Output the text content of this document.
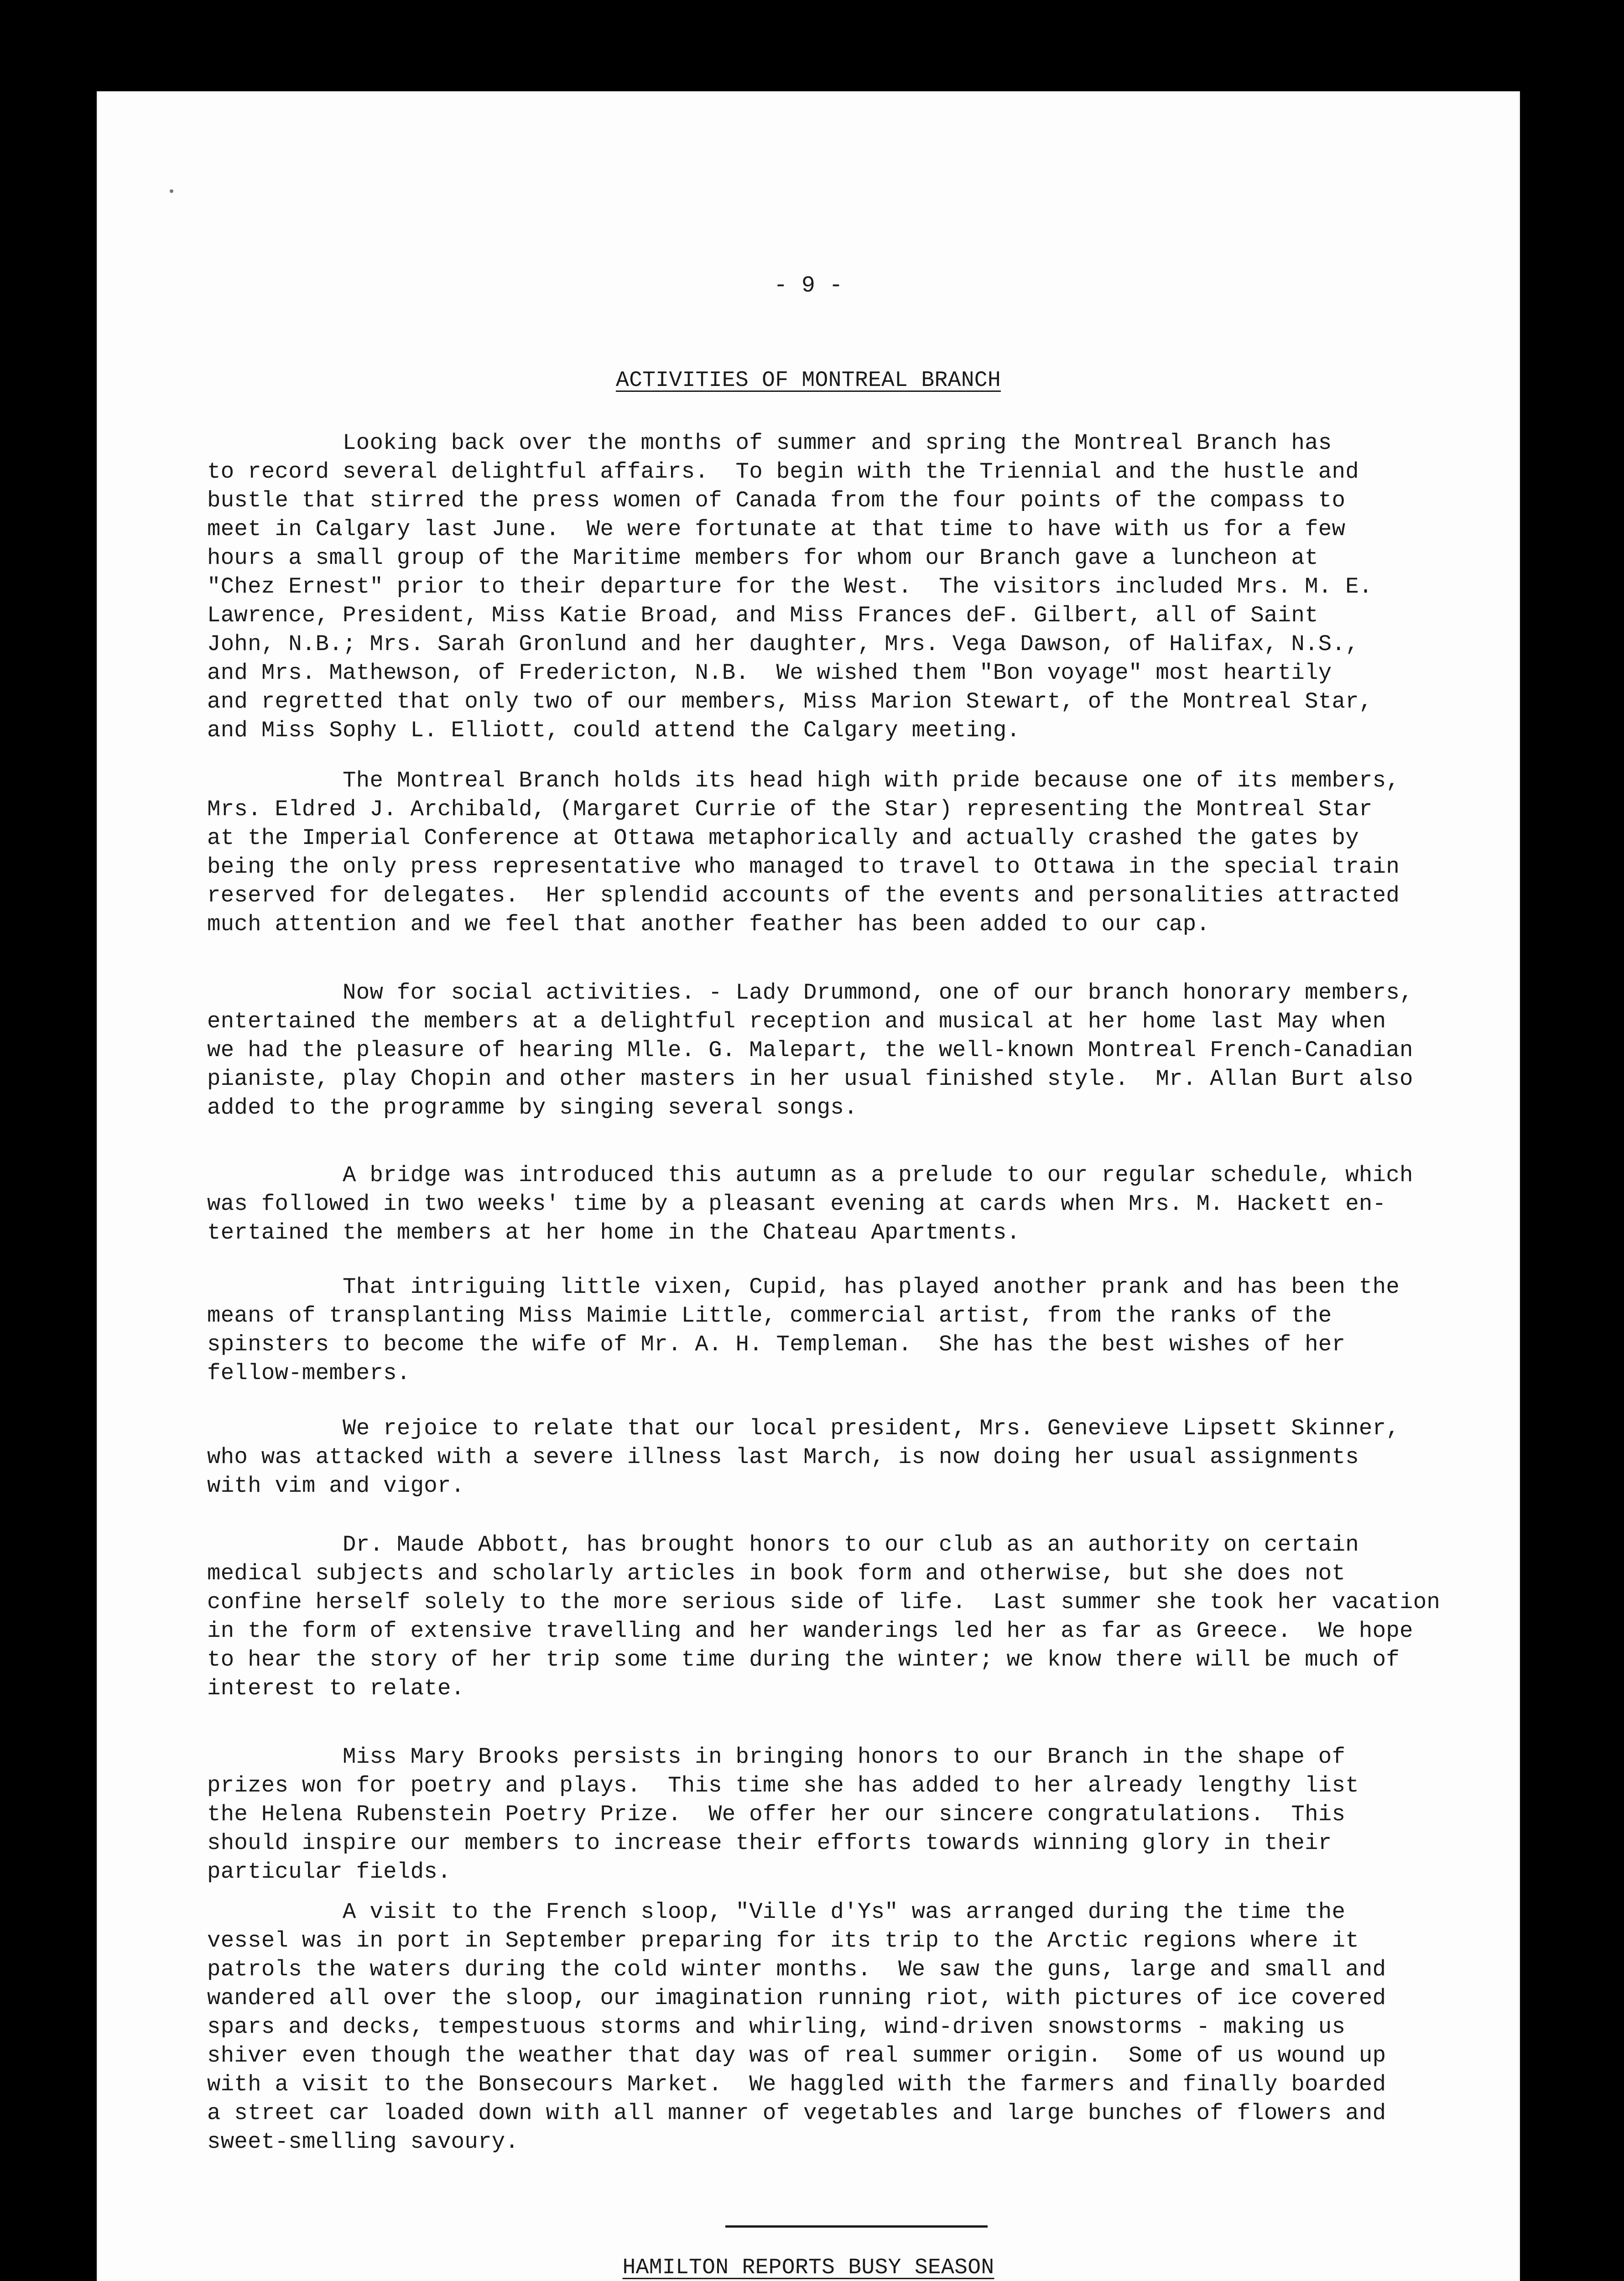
- 9 -
ACTIVITIES OF MONTREAL BRANCH
Looking back over the months of summer and spring the Montreal Branch has
to record several delightful affairs.  To begin with the Triennial and the hustle and
bustle that stirred the press women of Canada from the four points of the compass to
meet in Calgary last June.  We were fortunate at that time to have with us for a few
hours a small group of the Maritime members for whom our Branch gave a luncheon at
"Chez Ernest" prior to their departure for the West.  The visitors included Mrs. M. E.
Lawrence, President, Miss Katie Broad, and Miss Frances deF. Gilbert, all of Saint
John, N.B.; Mrs. Sarah Gronlund and her daughter, Mrs. Vega Dawson, of Halifax, N.S.,
and Mrs. Mathewson, of Fredericton, N.B.  We wished them "Bon voyage" most heartily
and regretted that only two of our members, Miss Marion Stewart, of the Montreal Star,
and Miss Sophy L. Elliott, could attend the Calgary meeting.
The Montreal Branch holds its head high with pride because one of its members,
Mrs. Eldred J. Archibald, (Margaret Currie of the Star) representing the Montreal Star
at the Imperial Conference at Ottawa metaphorically and actually crashed the gates by
being the only press representative who managed to travel to Ottawa in the special train
reserved for delegates.  Her splendid accounts of the events and personalities attracted
much attention and we feel that another feather has been added to our cap.
Now for social activities. - Lady Drummond, one of our branch honorary members,
entertained the members at a delightful reception and musical at her home last May when
we had the pleasure of hearing Mlle. G. Malepart, the well-known Montreal French-Canadian
pianiste, play Chopin and other masters in her usual finished style.  Mr. Allan Burt also
added to the programme by singing several songs.
A bridge was introduced this autumn as a prelude to our regular schedule, which
was followed in two weeks' time by a pleasant evening at cards when Mrs. M. Hackett en-
tertained the members at her home in the Chateau Apartments.
That intriguing little vixen, Cupid, has played another prank and has been the
means of transplanting Miss Maimie Little, commercial artist, from the ranks of the
spinsters to become the wife of Mr. A. H. Templeman.  She has the best wishes of her
fellow-members.
We rejoice to relate that our local president, Mrs. Genevieve Lipsett Skinner,
who was attacked with a severe illness last March, is now doing her usual assignments
with vim and vigor.
Dr. Maude Abbott, has brought honors to our club as an authority on certain
medical subjects and scholarly articles in book form and otherwise, but she does not
confine herself solely to the more serious side of life.  Last summer she took her vacation
in the form of extensive travelling and her wanderings led her as far as Greece.  We hope
to hear the story of her trip some time during the winter; we know there will be much of
interest to relate.
Miss Mary Brooks persists in bringing honors to our Branch in the shape of
prizes won for poetry and plays.  This time she has added to her already lengthy list
the Helena Rubenstein Poetry Prize.  We offer her our sincere congratulations.  This
should inspire our members to increase their efforts towards winning glory in their
particular fields.
A visit to the French sloop, "Ville d'Ys" was arranged during the time the
vessel was in port in September preparing for its trip to the Arctic regions where it
patrols the waters during the cold winter months.  We saw the guns, large and small and
wandered all over the sloop, our imagination running riot, with pictures of ice covered
spars and decks, tempestuous storms and whirling, wind-driven snowstorms - making us
shiver even though the weather that day was of real summer origin.  Some of us wound up
with a visit to the Bonsecours Market.  We haggled with the farmers and finally boarded
a street car loaded down with all manner of vegetables and large bunches of flowers and
sweet-smelling savoury.
HAMILTON REPORTS BUSY SEASON
